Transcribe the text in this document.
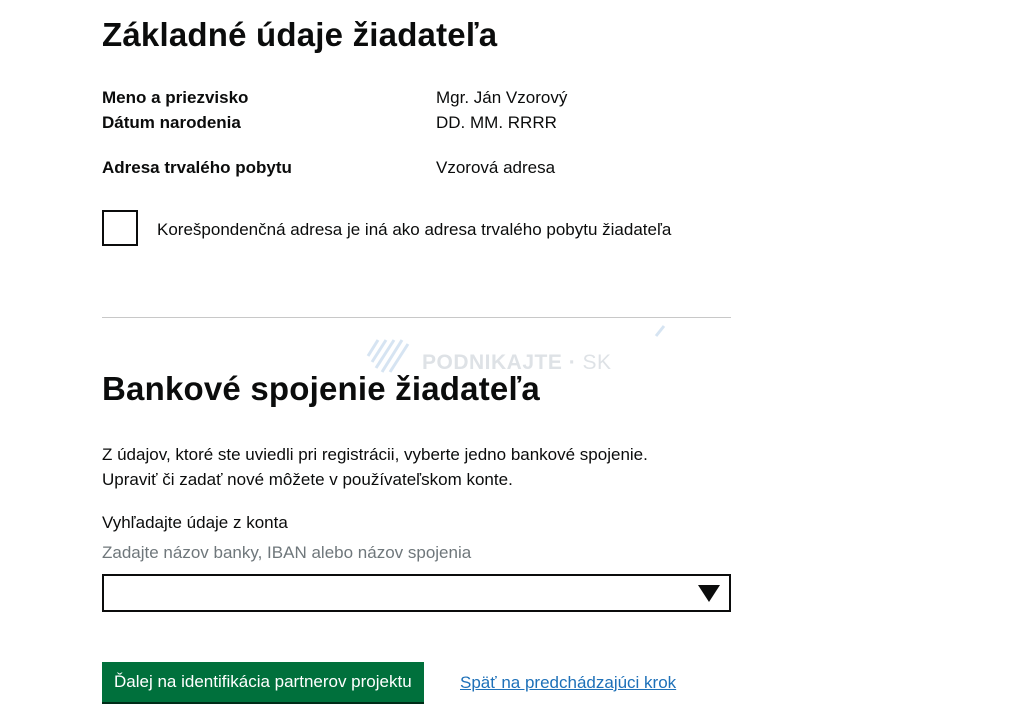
Základné údaje žiadateľa
Meno a priezvisko	Mgr. Ján Vzorový
Dátum narodenia	DD. MM. RRRR
Adresa trvalého pobytu	Vzorová adresa
Korešpondenčná adresa je iná ako adresa trvalého pobytu žiadateľa
PODNIKAJTE · SK
Bankové spojenie žiadateľa
Z údajov, ktoré ste uviedli pri registrácii, vyberte jedno bankové spojenie.
Upraviť či zadať nové môžete v používateľskom konte.
Vyhľadajte údaje z konta
Zadajte názov banky, IBAN alebo názov spojenia
Ďalej na identifikácia partnerov projektu	Späť na predchádzajúci krok
